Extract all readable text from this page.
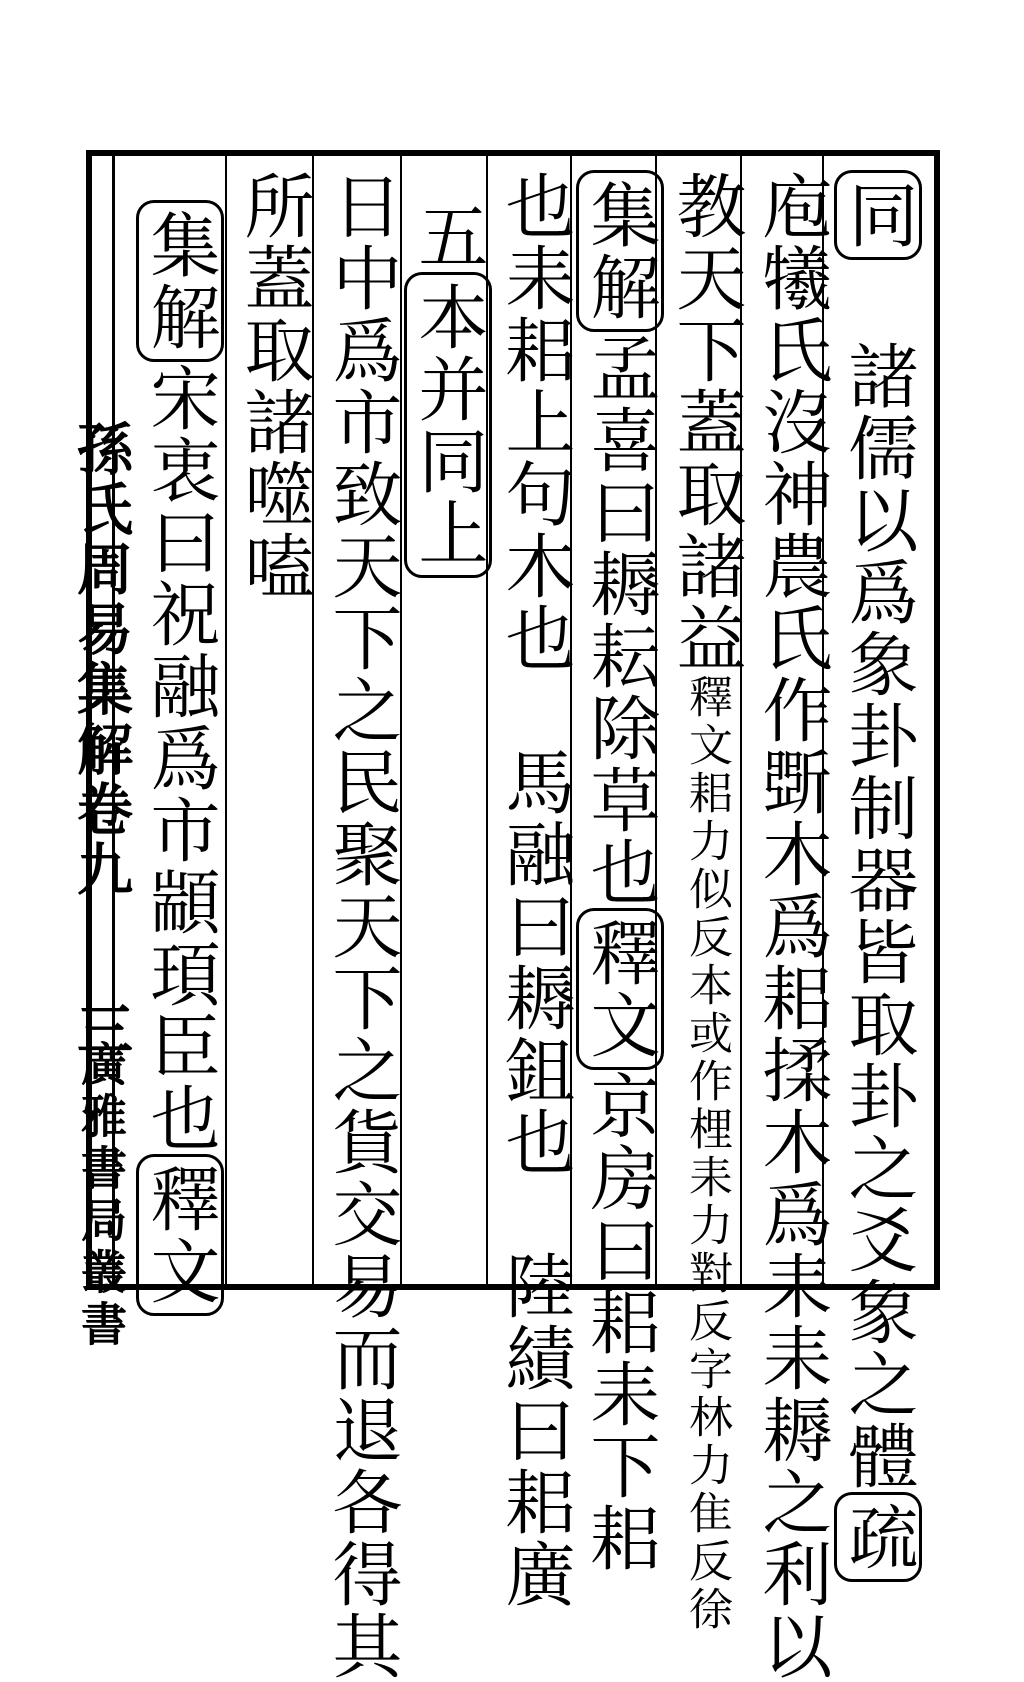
同諸儒以爲象卦制器皆取卦之爻象之體疏
庖犧氏沒神農氏作斲木爲耜揉木爲耒耒耨之利以
教天下蓋取諸益釋文耜力似反本或作梩耒力對反字林力隹反徐
集解孟喜曰耨耘除草也釋文京房曰耜耒下耜
也耒耜上句木也　馬融曰耨鉏也　陸績曰耜廣
五本并同上
日中爲市致天下之民聚天下之貨交易而退各得其
所蓋取諸噬嗑
集解宋衷曰祝融爲市顓頊臣也釋文
孫氏周易集解卷九
三
廣雅書局叢書
